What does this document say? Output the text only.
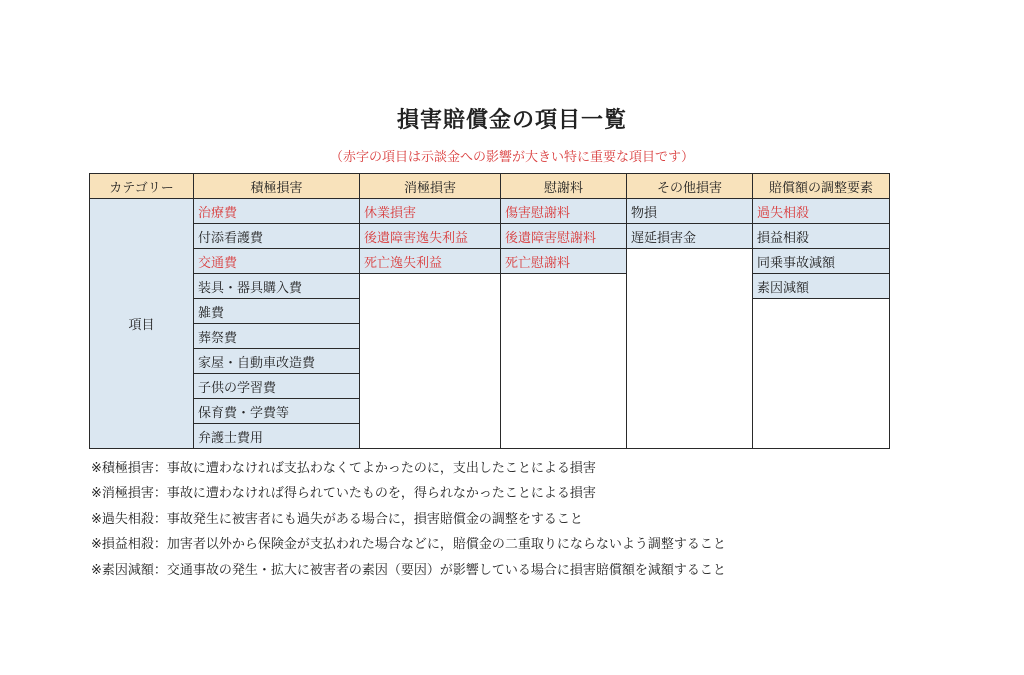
損害賠償金の項目一覧
（赤字の項目は示談金への影響が大きい特に重要な項目です）
カテゴリー	積極損害	消極損害	慰謝料	その他損害	賠償額の調整要素
項目	治療費	休業損害	傷害慰謝料	物損	過失相殺
	付添看護費	後遺障害逸失利益	後遺障害慰謝料	遅延損害金	損益相殺
	交通費	死亡逸失利益	死亡慰謝料		同乗事故減額
	装具・器具購入費				素因減額
	雑費				
	葬祭費				
	家屋・自動車改造費				
	子供の学習費				
	保育費・学費等				
	弁護士費用				
※積極損害：事故に遭わなければ支払わなくてよかったのに，支出したことによる損害
※消極損害：事故に遭わなければ得られていたものを，得られなかったことによる損害
※過失相殺：事故発生に被害者にも過失がある場合に，損害賠償金の調整をすること
※損益相殺：加害者以外から保険金が支払われた場合などに，賠償金の二重取りにならないよう調整すること
※素因減額：交通事故の発生・拡大に被害者の素因（要因）が影響している場合に損害賠償額を減額すること
